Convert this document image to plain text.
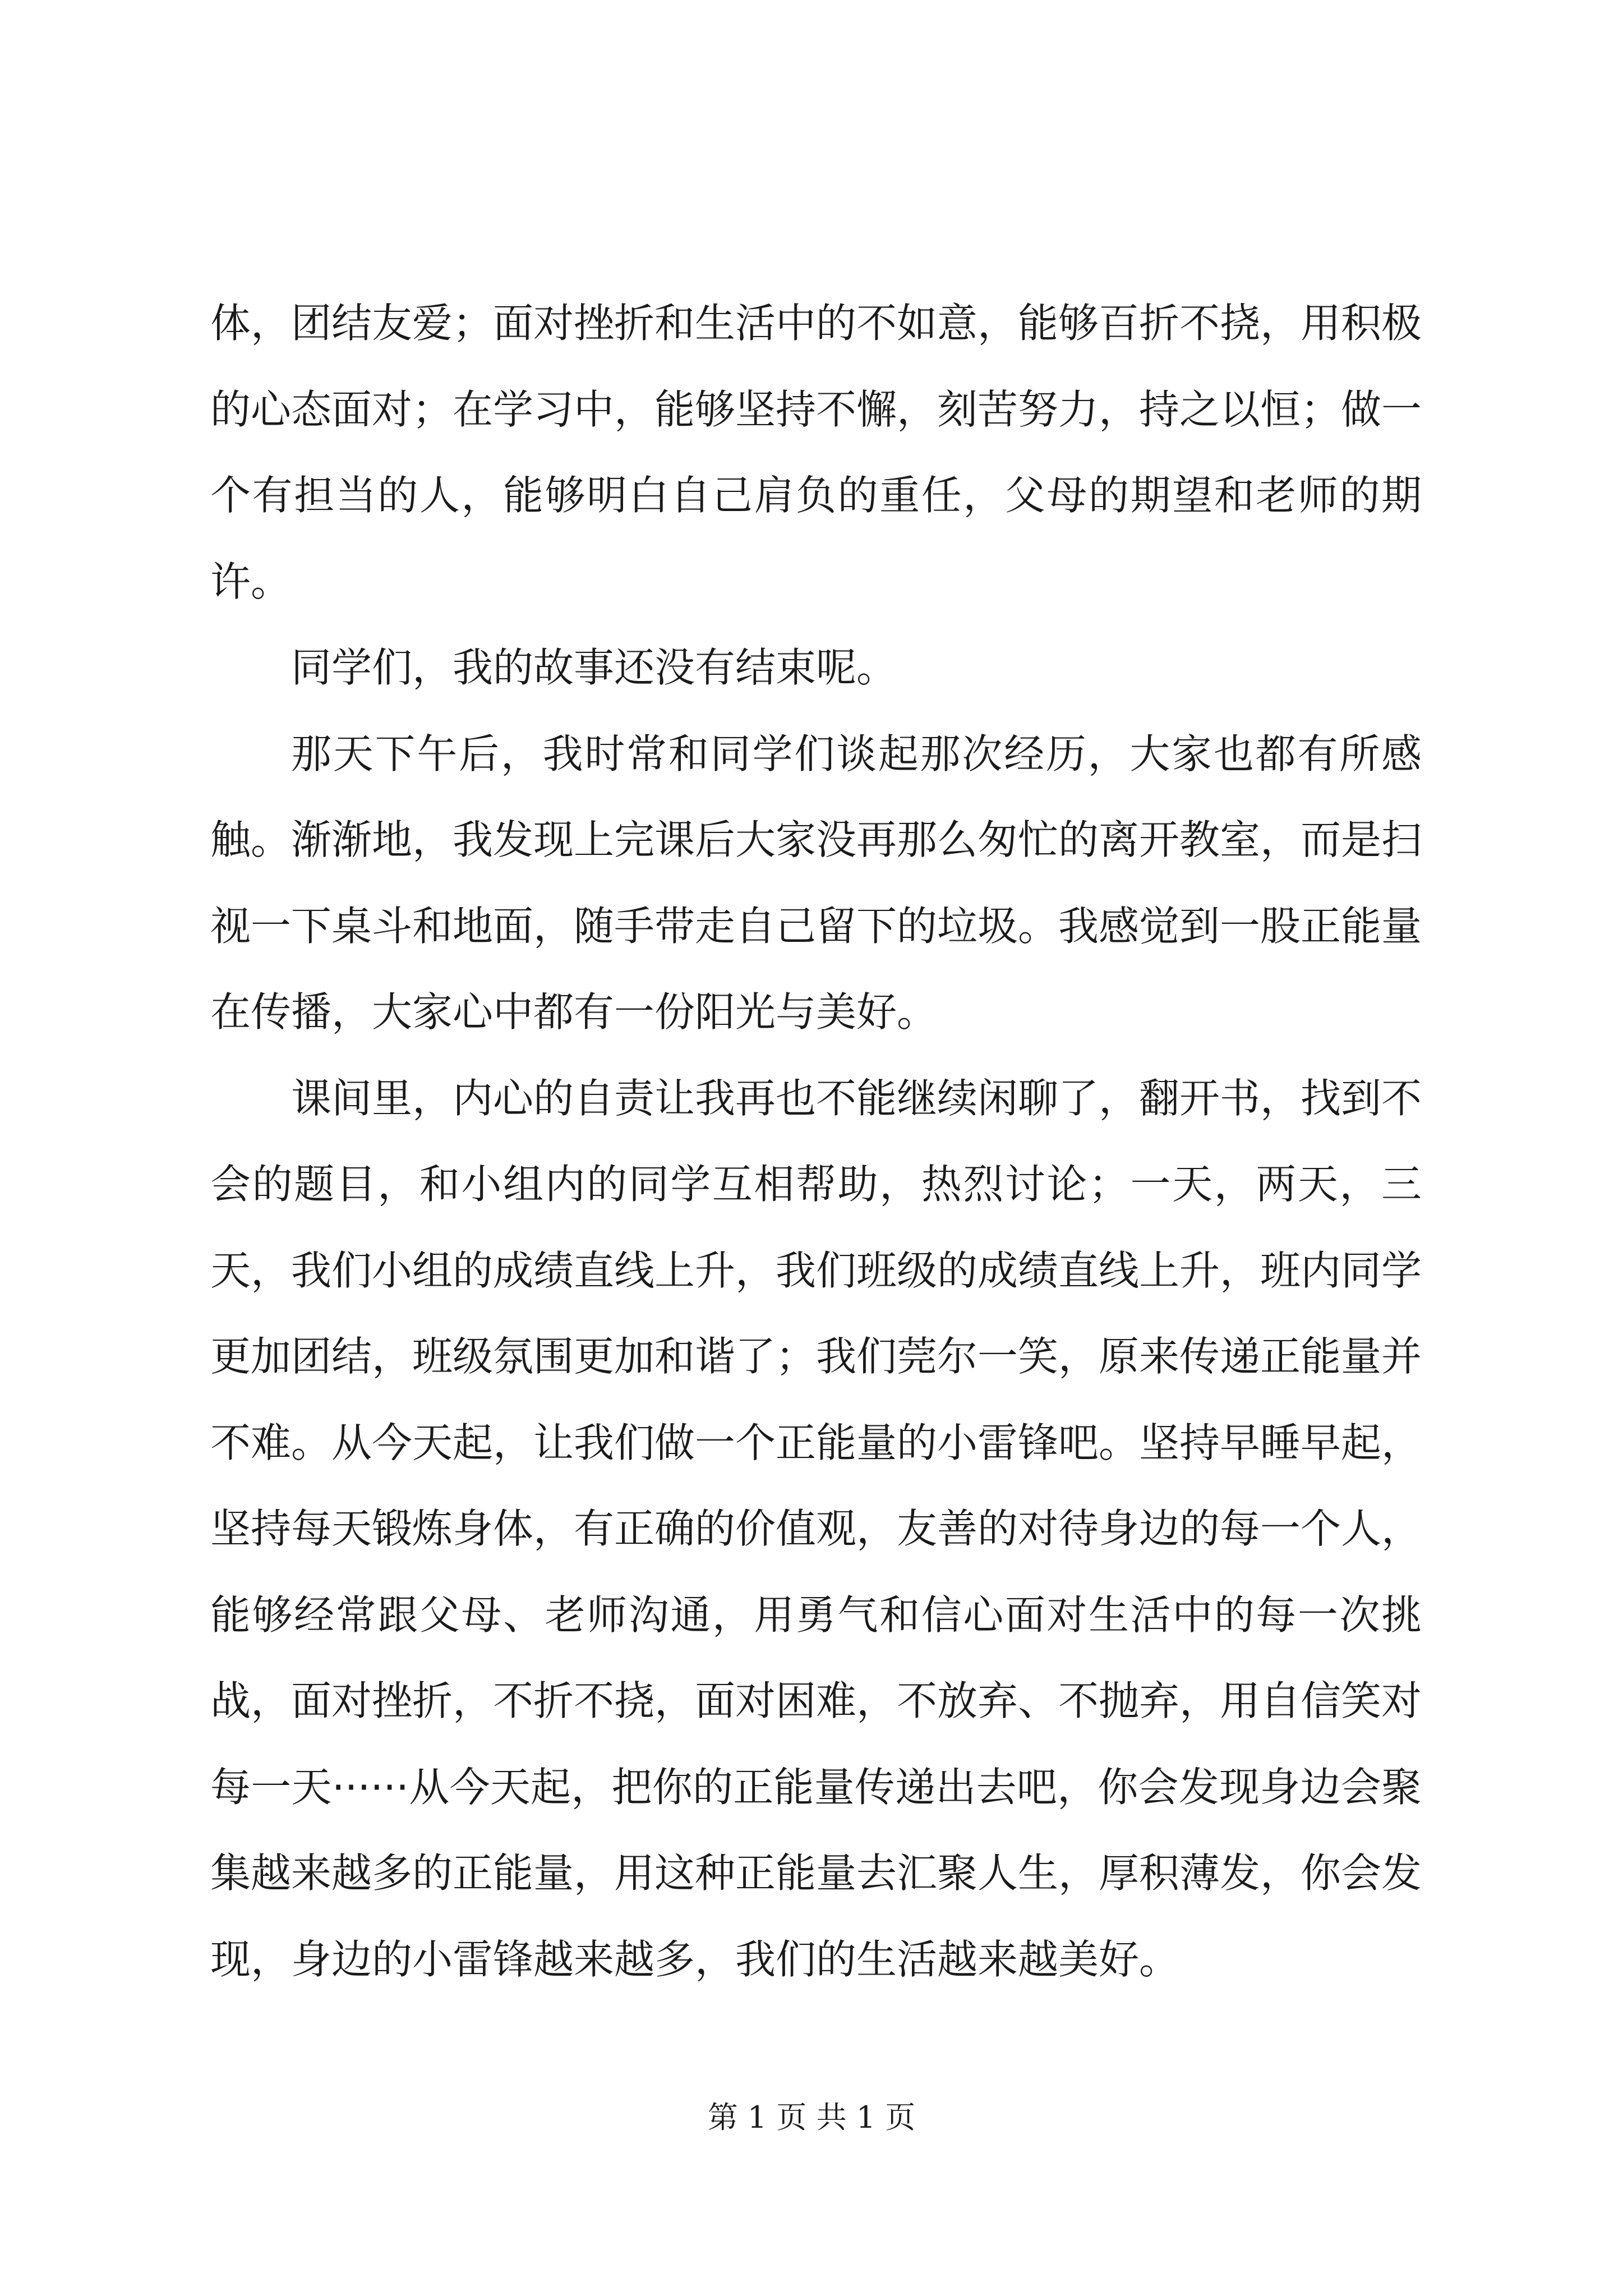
体，团结友爱；面对挫折和生活中的不如意，能够百折不挠，用积极的心态面对；在学习中，能够坚持不懈，刻苦努力，持之以恒；做一个有担当的人，能够明白自己肩负的重任，父母的期望和老师的期许。

同学们，我的故事还没有结束呢。

那天下午后，我时常和同学们谈起那次经历，大家也都有所感触。渐渐地，我发现上完课后大家没再那么匆忙的离开教室，而是扫视一下桌斗和地面，随手带走自己留下的垃圾。我感觉到一股正能量在传播，大家心中都有一份阳光与美好。

课间里，内心的自责让我再也不能继续闲聊了，翻开书，找到不会的题目，和小组内的同学互相帮助，热烈讨论；一天，两天，三天，我们小组的成绩直线上升，我们班级的成绩直线上升，班内同学更加团结，班级氛围更加和谐了；我们莞尔一笑，原来传递正能量并不难。从今天起，让我们做一个正能量的小雷锋吧。坚持早睡早起，坚持每天锻炼身体，有正确的价值观，友善的对待身边的每一个人，能够经常跟父母、老师沟通，用勇气和信心面对生活中的每一次挑战，面对挫折，不折不挠，面对困难，不放弃、不抛弃，用自信笑对每一天······从今天起，把你的正能量传递出去吧，你会发现身边会聚集越来越多的正能量，用这种正能量去汇聚人生，厚积薄发，你会发现，身边的小雷锋越来越多，我们的生活越来越美好。

第 1 页 共 1 页
